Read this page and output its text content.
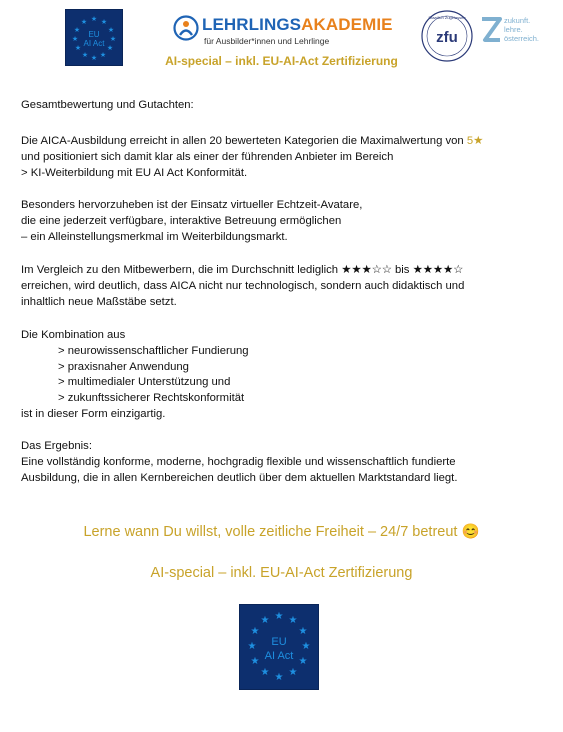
★ ★
★
★
★
★
★
★
★
★
★
★
EU
AI Act
LEHRLINGSAKADEMIE
für Ausbilder*innen und Lehrlinge
Staatlich Zugelassen
zfu
zukunft.
lehre.
österreich.
AI-special – inkl. EU-AI-Act Zertifizierung
Gesamtbewertung und Gutachten:
Die AICA-Ausbildung erreicht in allen 20 bewerteten Kategorien die Maximalwertung von 5★
und positioniert sich damit klar als einer der führenden Anbieter im Bereich
> KI-Weiterbildung mit EU AI Act Konformität.
Besonders hervorzuheben ist der Einsatz virtueller Echtzeit-Avatare,
die eine jederzeit verfügbare, interaktive Betreuung ermöglichen
– ein Alleinstellungsmerkmal im Weiterbildungsmarkt.
Im Vergleich zu den Mitbewerbern, die im Durchschnitt lediglich ★★★☆☆ bis ★★★★☆
erreichen, wird deutlich, dass AICA nicht nur technologisch, sondern auch didaktisch und
inhaltlich neue Maßstäbe setzt.
Die Kombination aus
> neurowissenschaftlicher Fundierung
> praxisnaher Anwendung
> multimedialer Unterstützung und
> zukunftssicherer Rechtskonformität
ist in dieser Form einzigartig.
Das Ergebnis:
Eine vollständig konforme, moderne, hochgradig flexible und wissenschaftlich fundierte
Ausbildung, die in allen Kernbereichen deutlich über dem aktuellen Marktstandard liegt.
Lerne wann Du willst, volle zeitliche Freiheit – 24/7 betreut 😊
AI-special – inkl. EU-AI-Act Zertifizierung
★ ★
★
★
★
★
★
★
★
★
★
★
EU
AI Act
